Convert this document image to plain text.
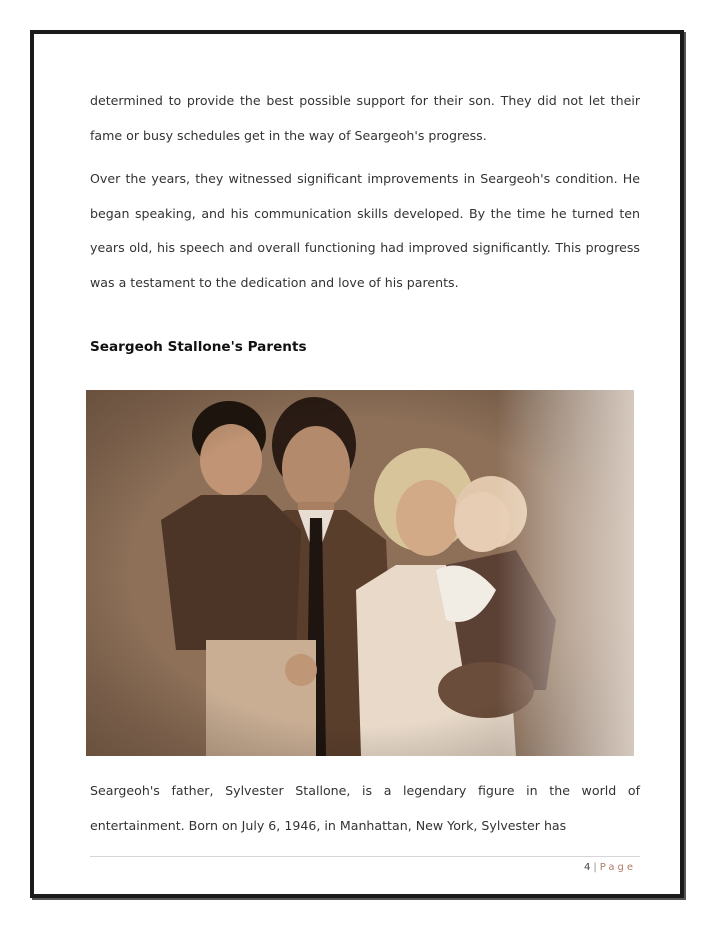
determined to provide the best possible support for their son. They did not let their fame or busy schedules get in the way of Seargeoh's progress.

Over the years, they witnessed significant improvements in Seargeoh's condition. He began speaking, and his communication skills developed. By the time he turned ten years old, his speech and overall functioning had improved significantly. This progress was a testament to the dedication and love of his parents.

Seargeoh Stallone's Parents

Seargeoh's father, Sylvester Stallone, is a legendary figure in the world of entertainment. Born on July 6, 1946, in Manhattan, New York, Sylvester has

4 | Page
